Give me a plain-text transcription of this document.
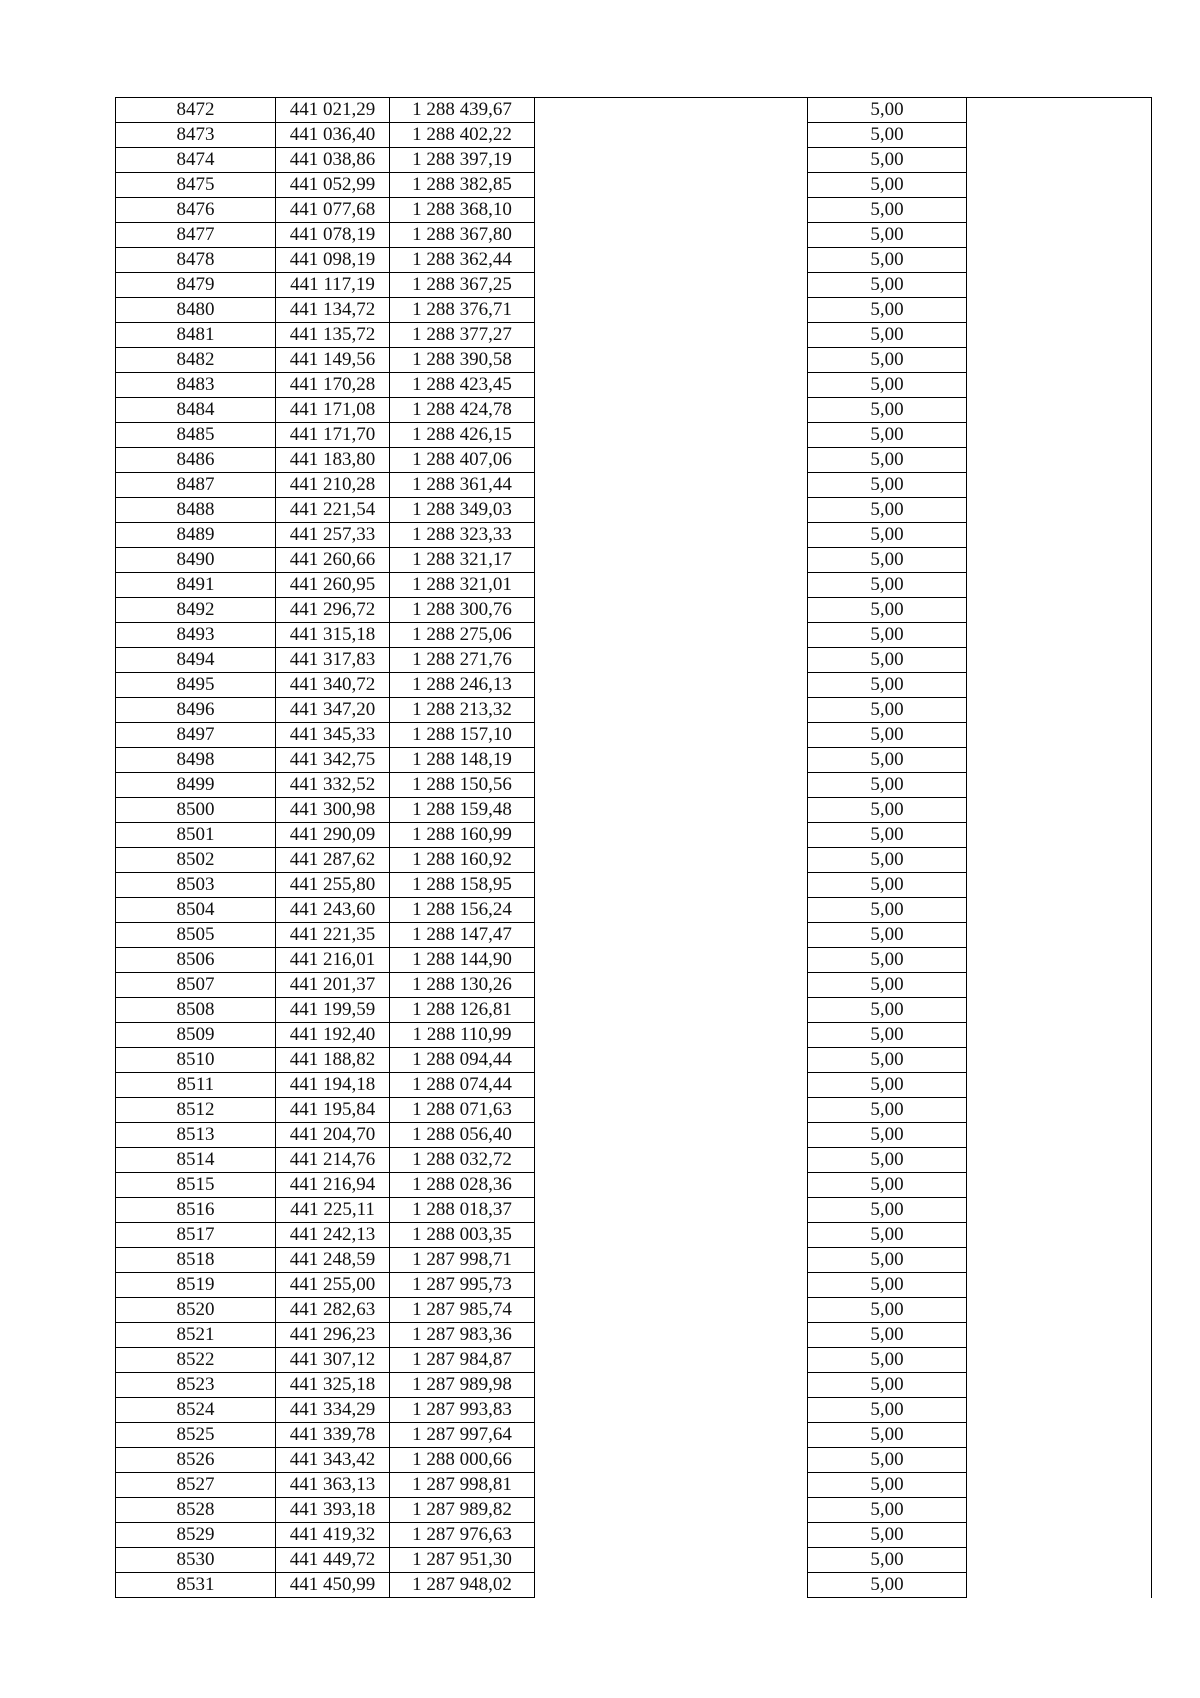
8472	441 021,29	1 288 439,67		5,00	
8473	441 036,40	1 288 402,22		5,00	
8474	441 038,86	1 288 397,19		5,00	
8475	441 052,99	1 288 382,85		5,00	
8476	441 077,68	1 288 368,10		5,00	
8477	441 078,19	1 288 367,80		5,00	
8478	441 098,19	1 288 362,44		5,00	
8479	441 117,19	1 288 367,25		5,00	
8480	441 134,72	1 288 376,71		5,00	
8481	441 135,72	1 288 377,27		5,00	
8482	441 149,56	1 288 390,58		5,00	
8483	441 170,28	1 288 423,45		5,00	
8484	441 171,08	1 288 424,78		5,00	
8485	441 171,70	1 288 426,15		5,00	
8486	441 183,80	1 288 407,06		5,00	
8487	441 210,28	1 288 361,44		5,00	
8488	441 221,54	1 288 349,03		5,00	
8489	441 257,33	1 288 323,33		5,00	
8490	441 260,66	1 288 321,17		5,00	
8491	441 260,95	1 288 321,01		5,00	
8492	441 296,72	1 288 300,76		5,00	
8493	441 315,18	1 288 275,06		5,00	
8494	441 317,83	1 288 271,76		5,00	
8495	441 340,72	1 288 246,13		5,00	
8496	441 347,20	1 288 213,32		5,00	
8497	441 345,33	1 288 157,10		5,00	
8498	441 342,75	1 288 148,19		5,00	
8499	441 332,52	1 288 150,56		5,00	
8500	441 300,98	1 288 159,48		5,00	
8501	441 290,09	1 288 160,99		5,00	
8502	441 287,62	1 288 160,92		5,00	
8503	441 255,80	1 288 158,95		5,00	
8504	441 243,60	1 288 156,24		5,00	
8505	441 221,35	1 288 147,47		5,00	
8506	441 216,01	1 288 144,90		5,00	
8507	441 201,37	1 288 130,26		5,00	
8508	441 199,59	1 288 126,81		5,00	
8509	441 192,40	1 288 110,99		5,00	
8510	441 188,82	1 288 094,44		5,00	
8511	441 194,18	1 288 074,44		5,00	
8512	441 195,84	1 288 071,63		5,00	
8513	441 204,70	1 288 056,40		5,00	
8514	441 214,76	1 288 032,72		5,00	
8515	441 216,94	1 288 028,36		5,00	
8516	441 225,11	1 288 018,37		5,00	
8517	441 242,13	1 288 003,35		5,00	
8518	441 248,59	1 287 998,71		5,00	
8519	441 255,00	1 287 995,73		5,00	
8520	441 282,63	1 287 985,74		5,00	
8521	441 296,23	1 287 983,36		5,00	
8522	441 307,12	1 287 984,87		5,00	
8523	441 325,18	1 287 989,98		5,00	
8524	441 334,29	1 287 993,83		5,00	
8525	441 339,78	1 287 997,64		5,00	
8526	441 343,42	1 288 000,66		5,00	
8527	441 363,13	1 287 998,81		5,00	
8528	441 393,18	1 287 989,82		5,00	
8529	441 419,32	1 287 976,63		5,00	
8530	441 449,72	1 287 951,30		5,00	
8531	441 450,99	1 287 948,02		5,00	
